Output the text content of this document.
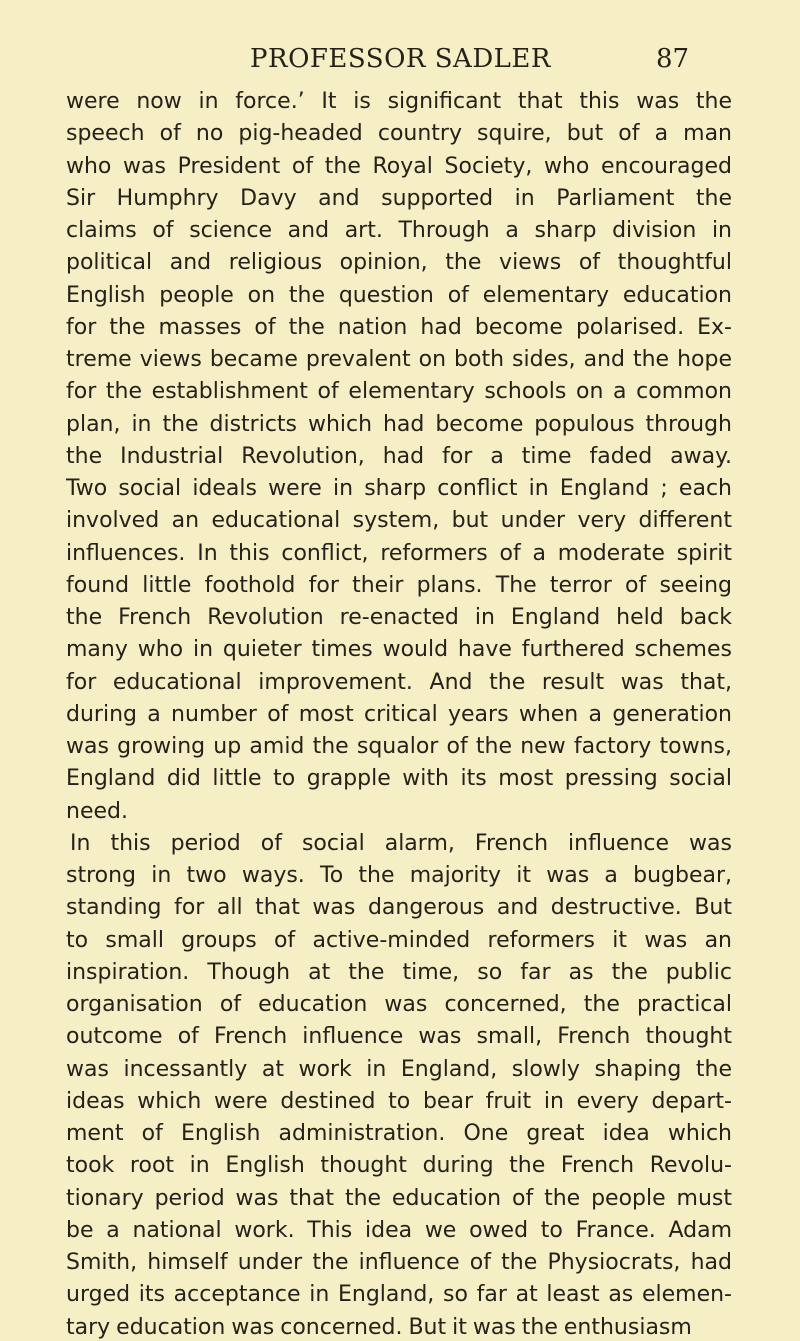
PROFESSOR SADLER	87
were now in force.’ It is significant that this was the
speech of no pig-headed country squire, but of a man
who was President of the Royal Society, who encouraged
Sir Humphry Davy and supported in Parliament the
claims of science and art. Through a sharp division in
political and religious opinion, the views of thoughtful
English people on the question of elementary education
for the masses of the nation had become polarised. Ex-
treme views became prevalent on both sides, and the hope
for the establishment of elementary schools on a common
plan, in the districts which had become populous through
the Industrial Revolution, had for a time faded away.
Two social ideals were in sharp conflict in England ; each
involved an educational system, but under very different
influences. In this conflict, reformers of a moderate spirit
found little foothold for their plans. The terror of seeing
the French Revolution re-enacted in England held back
many who in quieter times would have furthered schemes
for educational improvement. And the result was that,
during a number of most critical years when a generation
was growing up amid the squalor of the new factory towns,
England did little to grapple with its most pressing social
need.
In this period of social alarm, French influence was
strong in two ways. To the majority it was a bugbear,
standing for all that was dangerous and destructive. But
to small groups of active-minded reformers it was an
inspiration. Though at the time, so far as the public
organisation of education was concerned, the practical
outcome of French influence was small, French thought
was incessantly at work in England, slowly shaping the
ideas which were destined to bear fruit in every depart-
ment of English administration. One great idea which
took root in English thought during the French Revolu-
tionary period was that the education of the people must
be a national work. This idea we owed to France. Adam
Smith, himself under the influence of the Physiocrats, had
urged its acceptance in England, so far at least as elemen-
tary education was concerned. But it was the enthusiasm
